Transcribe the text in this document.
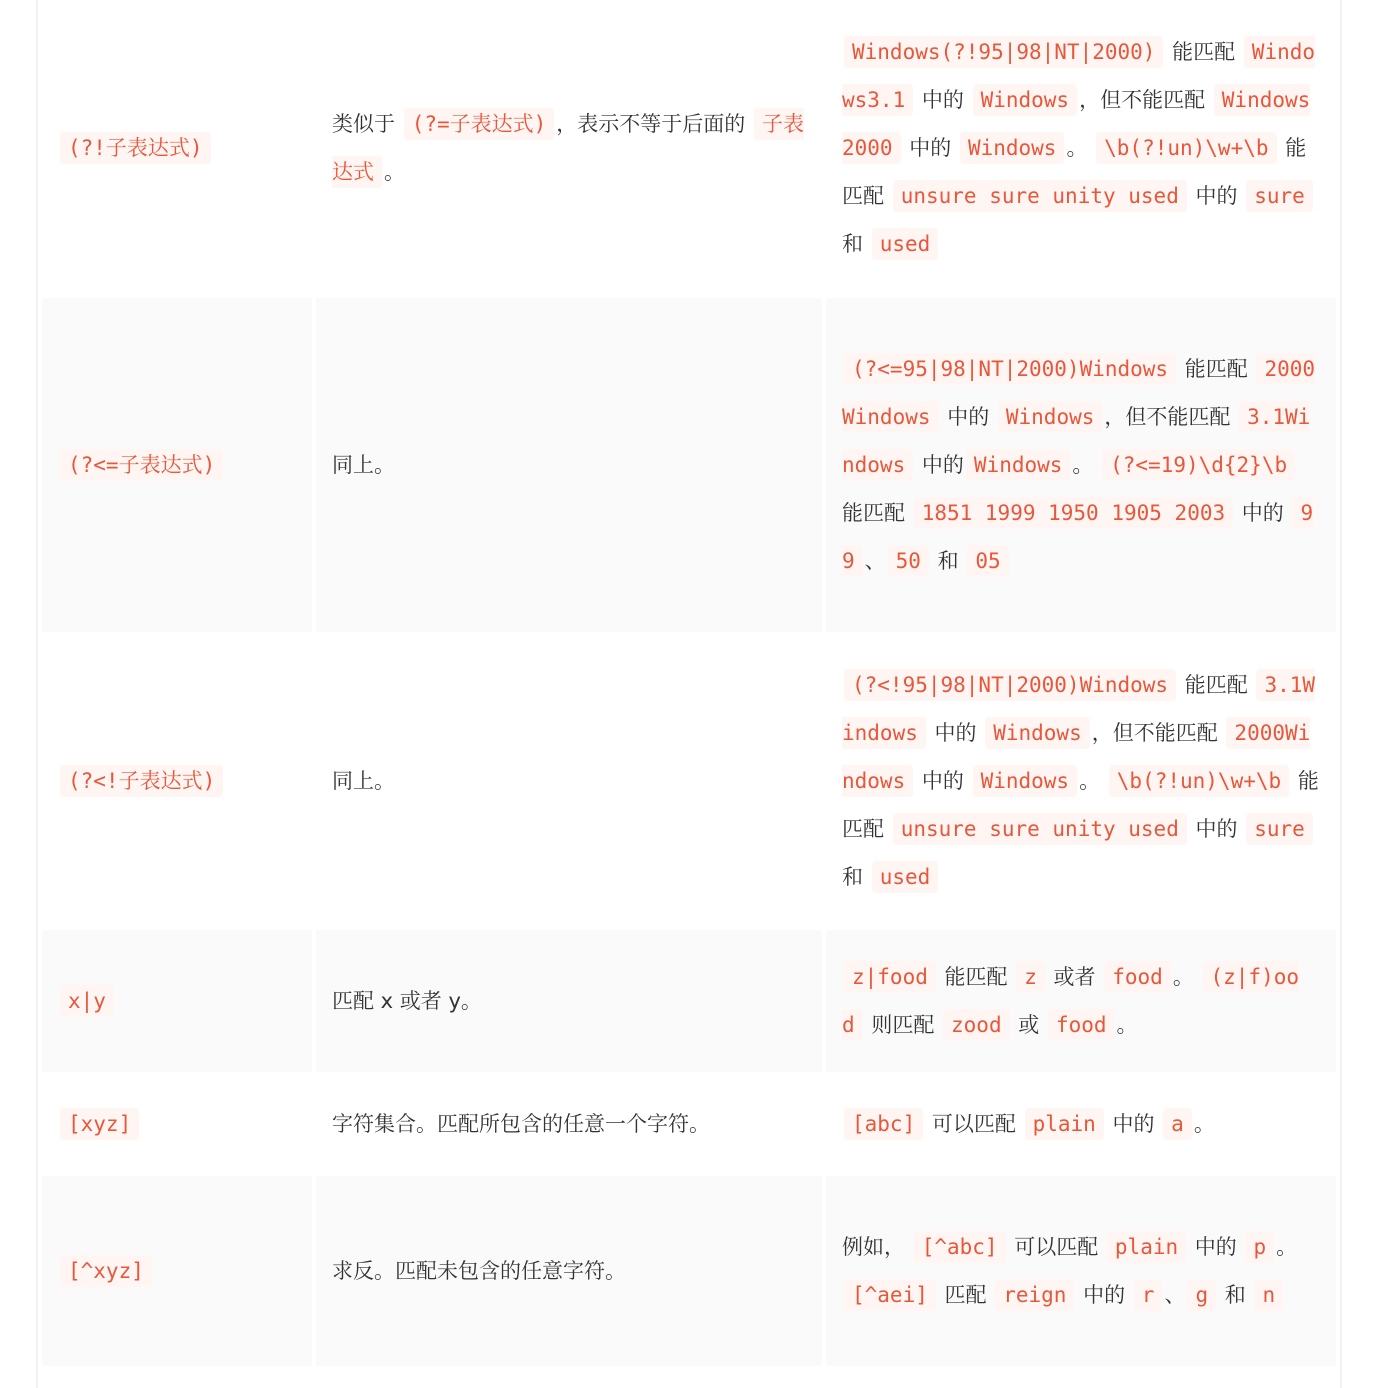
(?!子表达式)	类似于 (?=子表达式) ，表示不等于后面的 子表达式 。	Windows(?!95|98|NT|2000) 能匹配 Windows3.1 中的 Windows ，但不能匹配 Windows2000 中的 Windows 。 \b(?!un)\w+\b 能匹配 unsure sure unity used 中的 sure 和 used
(?<=子表达式)	同上。	(?<=95|98|NT|2000)Windows 能匹配 2000Windows 中的 Windows ，但不能匹配 3.1Windows 中的 Windows 。 (?<=19)\d{2}\b 能匹配 1851 1999 1950 1905 2003 中的 99 、 50 和 05
(?<!子表达式)	同上。	(?<!95|98|NT|2000)Windows 能匹配 3.1Windows 中的 Windows ，但不能匹配 2000Windows 中的 Windows 。 \b(?!un)\w+\b 能匹配 unsure sure unity used 中的 sure 和 used
x|y	匹配 x 或者 y。	z|food 能匹配 z 或者 food 。 (z|f)ood 则匹配 zood 或 food 。
[xyz]	字符集合。匹配所包含的任意一个字符。	[abc] 可以匹配 plain 中的 a 。
[^xyz]	求反。匹配未包含的任意字符。	例如， [^abc] 可以匹配 plain 中的 p 。[^aei] 匹配 reign 中的 r 、 g 和 n
